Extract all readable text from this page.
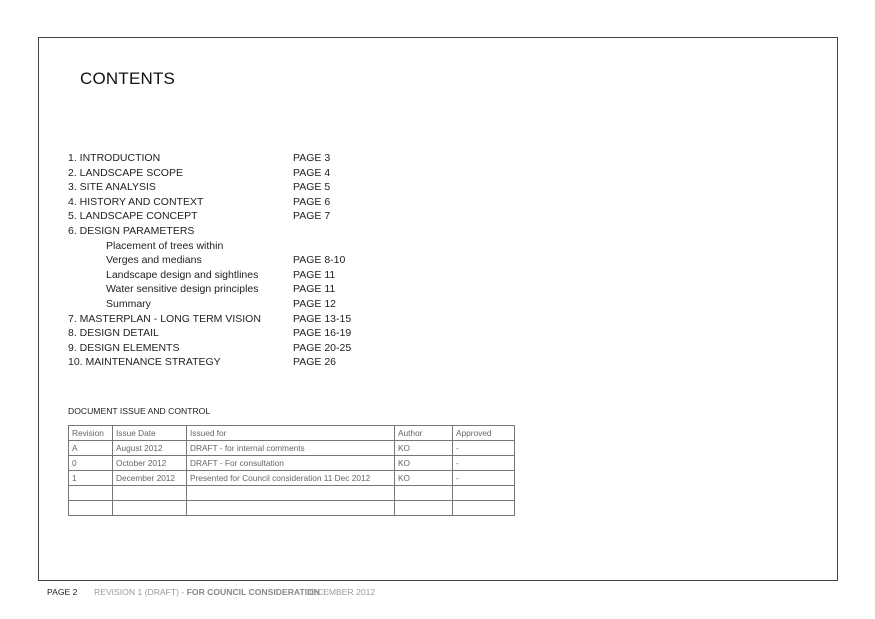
CONTENTS
1. INTRODUCTION	PAGE 3
2. LANDSCAPE SCOPE	PAGE 4
3. SITE ANALYSIS	PAGE 5
4. HISTORY AND CONTEXT	PAGE 6
5. LANDSCAPE CONCEPT	PAGE 7
6. DESIGN PARAMETERS
Placement of trees within
Verges and medians	PAGE 8-10
Landscape design and sightlines	PAGE 11
Water sensitive design principles	PAGE 11
Summary	PAGE 12
7. MASTERPLAN - LONG TERM VISION	PAGE 13-15
8. DESIGN DETAIL	PAGE 16-19
9. DESIGN ELEMENTS	PAGE 20-25
10. MAINTENANCE STRATEGY	PAGE 26
DOCUMENT ISSUE AND CONTROL
Revision	Issue Date	Issued for	Author	Approved
A	August 2012	DRAFT - for internal comments	KO	-
0	October 2012	DRAFT - For consultation	KO	-
1	December 2012	Presented for Council consideration 11 Dec 2012	KO	-

PAGE 2 REVISION 1 (DRAFT) - FOR COUNCIL CONSIDERATION
DECEMBER 2012
